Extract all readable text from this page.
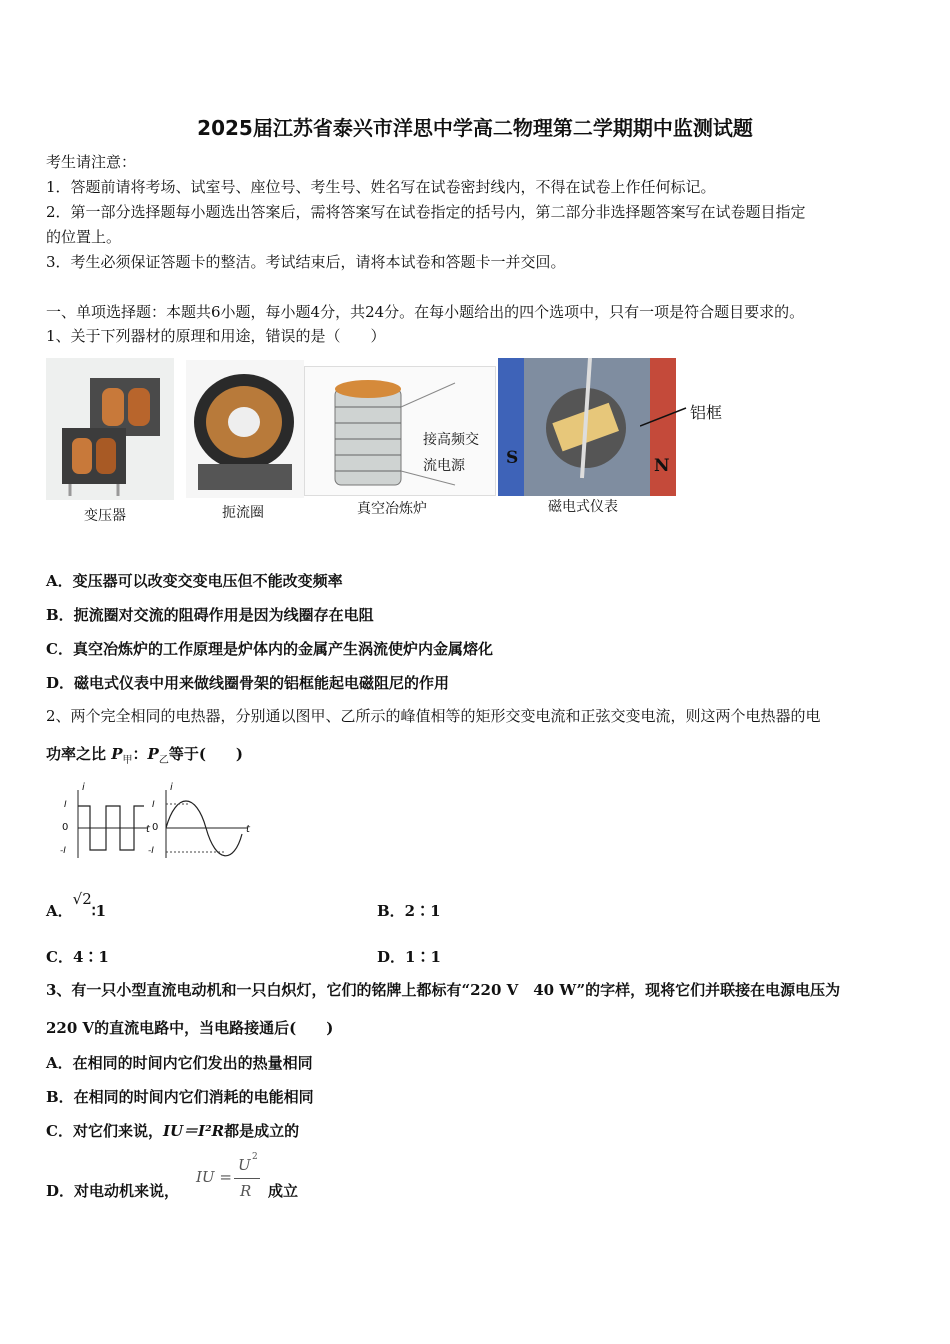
2025届江苏省泰兴市洋思中学高二物理第二学期期中监测试题
考生请注意：
1．答题前请将考场、试室号、座位号、考生号、姓名写在试卷密封线内，不得在试卷上作任何标记。
2．第一部分选择题每小题选出答案后，需将答案写在试卷指定的括号内，第二部分非选择题答案写在试卷题目指定
的位置上。
3．考生必须保证答题卡的整洁。考试结束后，请将本试卷和答题卡一并交回。
一、单项选择题：本题共6小题，每小题4分，共24分。在每小题给出的四个选项中，只有一项是符合题目要求的。
1、关于下列器材的原理和用途，错误的是（　　）
变压器	扼流圈
接高频交
流电源
真空冶炼炉
S	N
铝框
磁电式仪表
A．变压器可以改变交变电压但不能改变频率
B．扼流圈对交流的阻碍作用是因为线圈存在电阻
C．真空冶炼炉的工作原理是炉体内的金属产生涡流使炉内金属熔化
D．磁电式仪表中用来做线圈骨架的铝框能起电磁阻尼的作用
2、两个完全相同的电热器，分别通以图甲、乙所示的峰值相等的矩形交变电流和正弦交变电流，则这两个电热器的电
功率之比 $P_甲$：$P_乙$等于(　　)
i
I
0
-I
t
i
I
0
-I
t
A．√2∶1	B．2∶1
C．4∶1	D．1∶1
3、有一只小型直流电动机和一只白炽灯，它们的铭牌上都标有“220 V　40 W”的字样，现将它们并联接在电源电压为
220 V的直流电路中，当电路接通后(　　)
A．在相同的时间内它们发出的热量相同
B．在相同的时间内它们消耗的电能相同
C．对它们来说，IU＝I²R都是成立的
D．对电动机来说，
IU =
U 2
R 成立
